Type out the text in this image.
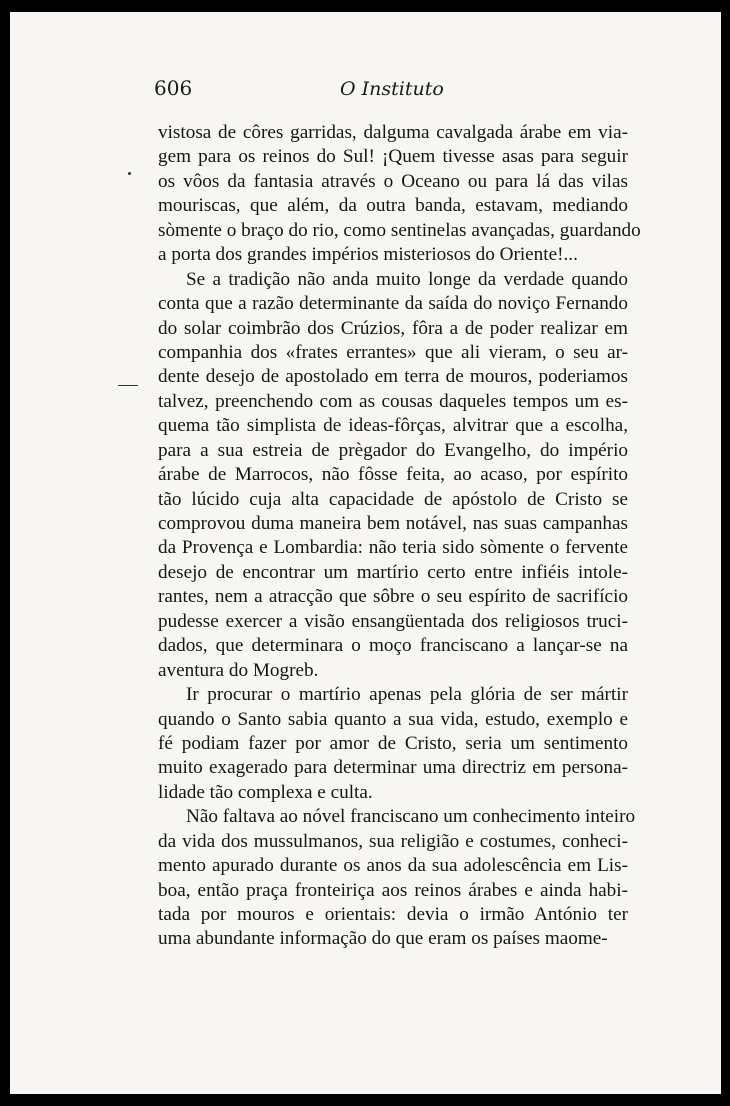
606	O Instituto
vistosa de côres garridas, dalguma cavalgada árabe em via-
gem para os reinos do Sul! ¡Quem tivesse asas para seguir
os vôos da fantasia através o Oceano ou para lá das vilas
mouriscas, que além, da outra banda, estavam, mediando
sòmente o braço do rio, como sentinelas avançadas, guardando
a porta dos grandes impérios misteriosos do Oriente!...
Se a tradição não anda muito longe da verdade quando
conta que a razão determinante da saída do noviço Fernando
do solar coimbrão dos Crúzios, fôra a de poder realizar em
companhia dos «frates errantes» que ali vieram, o seu ar-
dente desejo de apostolado em terra de mouros, poderiamos
talvez, preenchendo com as cousas daqueles tempos um es-
quema tão simplista de ideas-fôrças, alvitrar que a escolha,
para a sua estreia de prègador do Evangelho, do império
árabe de Marrocos, não fôsse feita, ao acaso, por espírito
tão lúcido cuja alta capacidade de apóstolo de Cristo se
comprovou duma maneira bem notável, nas suas campanhas
da Provença e Lombardia: não teria sido sòmente o fervente
desejo de encontrar um martírio certo entre infiéis intole-
rantes, nem a atracção que sôbre o seu espírito de sacrifício
pudesse exercer a visão ensangüentada dos religiosos truci-
dados, que determinara o moço franciscano a lançar-se na
aventura do Mogreb.
Ir procurar o martírio apenas pela glória de ser mártir
quando o Santo sabia quanto a sua vida, estudo, exemplo e
fé podiam fazer por amor de Cristo, seria um sentimento
muito exagerado para determinar uma directriz em persona-
lidade tão complexa e culta.
Não faltava ao nóvel franciscano um conhecimento inteiro
da vida dos mussulmanos, sua religião e costumes, conheci-
mento apurado durante os anos da sua adolescência em Lis-
boa, então praça fronteiriça aos reinos árabes e ainda habi-
tada por mouros e orientais: devia o irmão António ter
uma abundante informação do que eram os países maome-
